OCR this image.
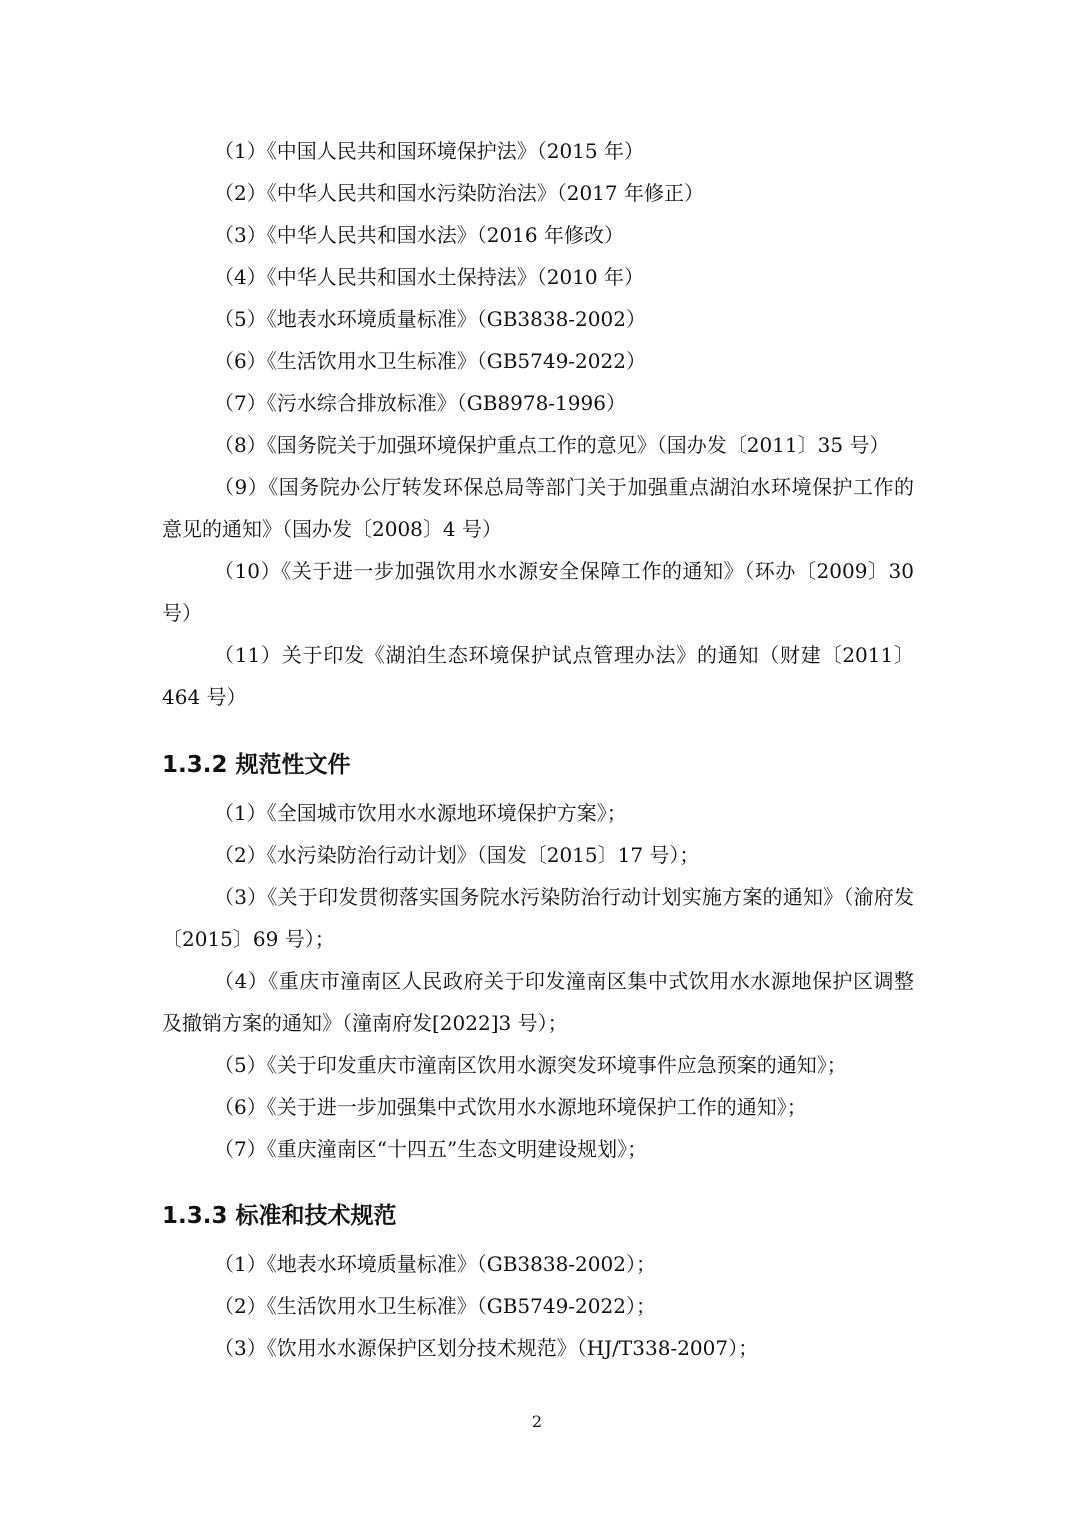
（1）《中国人民共和国环境保护法》（2015 年）

（2）《中华人民共和国水污染防治法》（2017 年修正）

（3）《中华人民共和国水法》（2016 年修改）

（4）《中华人民共和国水土保持法》（2010 年）

（5）《地表水环境质量标准》（GB3838-2002）

（6）《生活饮用水卫生标准》（GB5749-2022）

（7）《污水综合排放标准》（GB8978-1996）

（8）《国务院关于加强环境保护重点工作的意见》（国办发〔2011〕35 号）

（9）《国务院办公厅转发环保总局等部门关于加强重点湖泊水环境保护工作的意见的通知》（国办发〔2008〕4 号）

（10）《关于进一步加强饮用水水源安全保障工作的通知》（环办〔2009〕30 号）

（11）关于印发《湖泊生态环境保护试点管理办法》的通知（财建〔2011〕464 号）

1.3.2 规范性文件

（1）《全国城市饮用水水源地环境保护方案》；

（2）《水污染防治行动计划》（国发〔2015〕17 号）；

（3）《关于印发贯彻落实国务院水污染防治行动计划实施方案的通知》（渝府发〔2015〕69 号）；

（4）《重庆市潼南区人民政府关于印发潼南区集中式饮用水水源地保护区调整及撤销方案的通知》（潼南府发[2022]3 号）；

（5）《关于印发重庆市潼南区饮用水源突发环境事件应急预案的通知》；

（6）《关于进一步加强集中式饮用水水源地环境保护工作的通知》；

（7）《重庆潼南区“十四五”生态文明建设规划》；

1.3.3 标准和技术规范

（1）《地表水环境质量标准》（GB3838-2002）；

（2）《生活饮用水卫生标准》（GB5749-2022）；

（3）《饮用水水源保护区划分技术规范》（HJ/T338-2007）；

2
